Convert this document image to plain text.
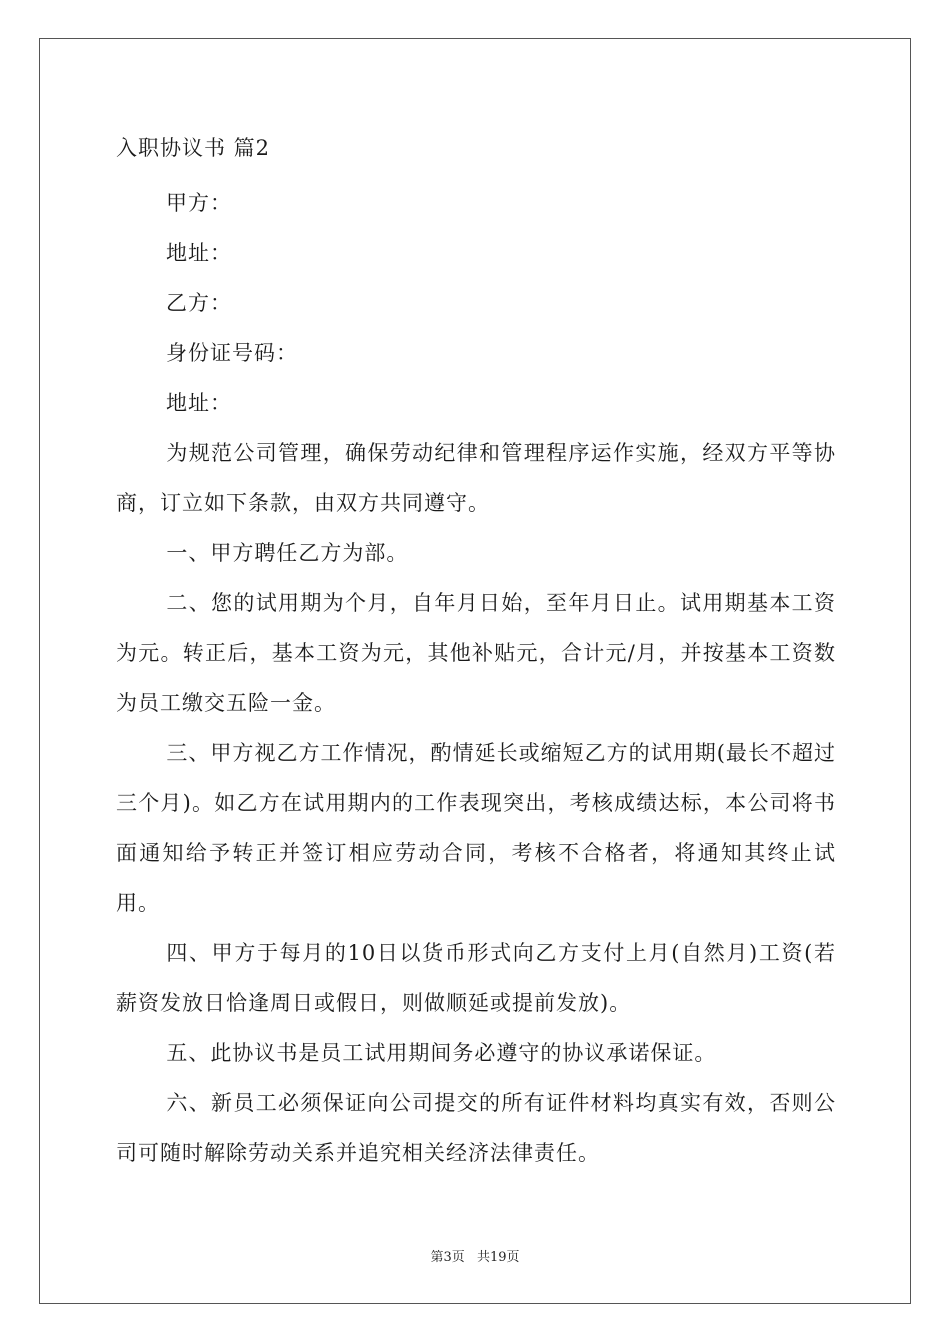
入职协议书 篇2

甲方：

地址：

乙方：

身份证号码：

地址：

为规范公司管理，确保劳动纪律和管理程序运作实施，经双方平等协商，订立如下条款，由双方共同遵守。

一、甲方聘任乙方为部。

二、您的试用期为个月，自年月日始，至年月日止。试用期基本工资为元。转正后，基本工资为元，其他补贴元，合计元/月，并按基本工资数为员工缴交五险一金。

三、甲方视乙方工作情况，酌情延长或缩短乙方的试用期(最长不超过三个月)。如乙方在试用期内的工作表现突出，考核成绩达标，本公司将书面通知给予转正并签订相应劳动合同，考核不合格者，将通知其终止试用。

四、甲方于每月的10日以货币形式向乙方支付上月(自然月)工资(若薪资发放日恰逢周日或假日，则做顺延或提前发放)。

五、此协议书是员工试用期间务必遵守的协议承诺保证。

六、新员工必须保证向公司提交的所有证件材料均真实有效，否则公司可随时解除劳动关系并追究相关经济法律责任。

第3页 共19页
